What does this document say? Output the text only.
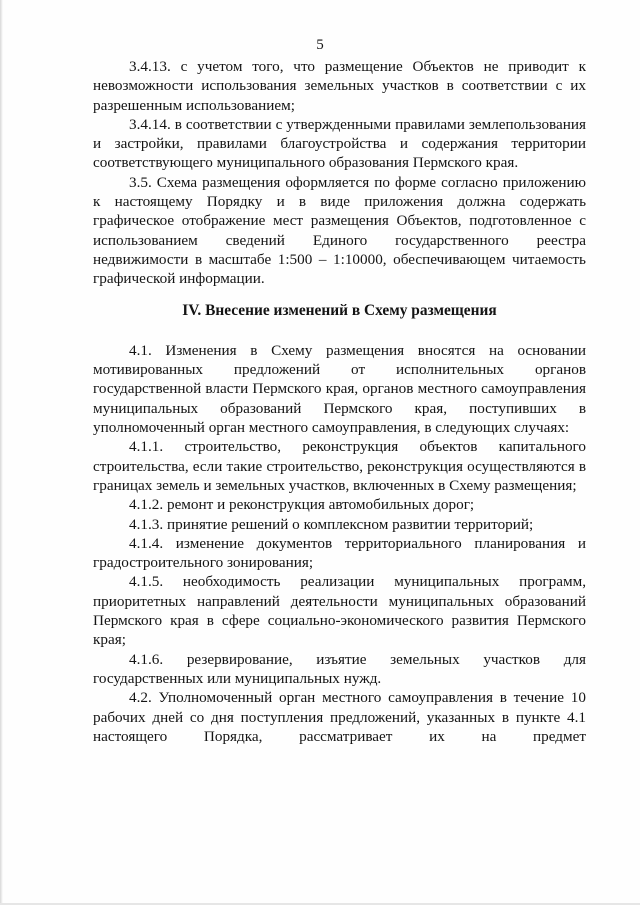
5

3.4.13. с учетом того, что размещение Объектов не приводит к невозможности использования земельных участков в соответствии с их разрешенным использованием;

3.4.14. в соответствии с утвержденными правилами землепользования и застройки, правилами благоустройства и содержания территории соответствующего муниципального образования Пермского края.

3.5. Схема размещения оформляется по форме согласно приложению к настоящему Порядку и в виде приложения должна содержать графическое отображение мест размещения Объектов, подготовленное с использованием сведений Единого государственного реестра недвижимости в масштабе 1:500 – 1:10000, обеспечивающем читаемость графической информации.

IV. Внесение изменений в Схему размещения

4.1. Изменения в Схему размещения вносятся на основании мотивированных предложений от исполнительных органов государственной власти Пермского края, органов местного самоуправления муниципальных образований Пермского края, поступивших в уполномоченный орган местного самоуправления, в следующих случаях:

4.1.1. строительство, реконструкция объектов капитального строительства, если такие строительство, реконструкция осуществляются в границах земель и земельных участков, включенных в Схему размещения;

4.1.2. ремонт и реконструкция автомобильных дорог;

4.1.3. принятие решений о комплексном развитии территорий;

4.1.4. изменение документов территориального планирования и градостроительного зонирования;

4.1.5. необходимость реализации муниципальных программ, приоритетных направлений деятельности муниципальных образований Пермского края в сфере социально-экономического развития Пермского края;

4.1.6. резервирование, изъятие земельных участков для государственных или муниципальных нужд.

4.2. Уполномоченный орган местного самоуправления в течение 10 рабочих дней со дня поступления предложений, указанных в пункте 4.1 настоящего Порядка, рассматривает их на предмет
